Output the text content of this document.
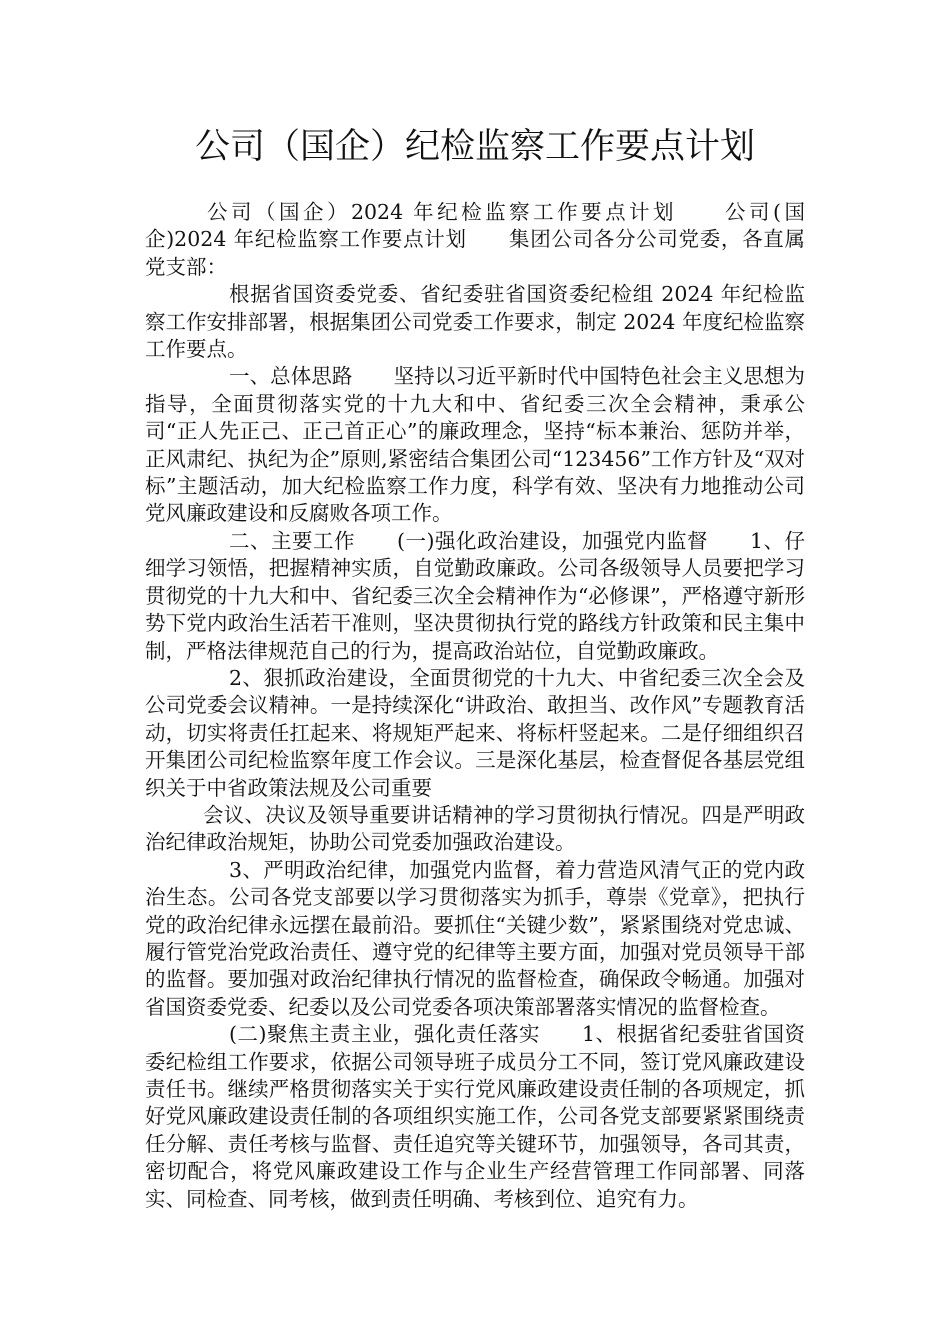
公司（国企）纪检监察工作要点计划

公司（国企）2024 年纪检监察工作要点计划　　公司(国企)2024 年纪检监察工作要点计划　　集团公司各分公司党委，各直属党支部：

根据省国资委党委、省纪委驻省国资委纪检组 2024 年纪检监察工作安排部署，根据集团公司党委工作要求，制定 2024 年度纪检监察工作要点。

一、总体思路　　坚持以习近平新时代中国特色社会主义思想为指导，全面贯彻落实党的十九大和中、省纪委三次全会精神，秉承公司“正人先正己、正己首正心”的廉政理念，坚持“标本兼治、惩防并举，正风肃纪、执纪为企”原则,紧密结合集团公司“123456”工作方针及“双对标”主题活动，加大纪检监察工作力度，科学有效、坚决有力地推动公司党风廉政建设和反腐败各项工作。

二、主要工作　　(一)强化政治建设，加强党内监督　　1、仔细学习领悟，把握精神实质，自觉勤政廉政。公司各级领导人员要把学习贯彻党的十九大和中、省纪委三次全会精神作为“必修课”，严格遵守新形势下党内政治生活若干准则，坚决贯彻执行党的路线方针政策和民主集中制，严格法律规范自己的行为，提高政治站位，自觉勤政廉政。

2、狠抓政治建设，全面贯彻党的十九大、中省纪委三次全会及公司党委会议精神。一是持续深化“讲政治、敢担当、改作风”专题教育活动，切实将责任扛起来、将规矩严起来、将标杆竖起来。二是仔细组织召开集团公司纪检监察年度工作会议。三是深化基层，检查督促各基层党组织关于中省政策法规及公司重要

会议、决议及领导重要讲话精神的学习贯彻执行情况。四是严明政治纪律政治规矩，协助公司党委加强政治建设。

3、严明政治纪律，加强党内监督，着力营造风清气正的党内政治生态。公司各党支部要以学习贯彻落实为抓手，尊崇《党章》，把执行党的政治纪律永远摆在最前沿。要抓住“关键少数”，紧紧围绕对党忠诚、履行管党治党政治责任、遵守党的纪律等主要方面，加强对党员领导干部的监督。要加强对政治纪律执行情况的监督检查，确保政令畅通。加强对省国资委党委、纪委以及公司党委各项决策部署落实情况的监督检查。

(二)聚焦主责主业，强化责任落实　　1、根据省纪委驻省国资委纪检组工作要求，依据公司领导班子成员分工不同，签订党风廉政建设责任书。继续严格贯彻落实关于实行党风廉政建设责任制的各项规定，抓好党风廉政建设责任制的各项组织实施工作，公司各党支部要紧紧围绕责任分解、责任考核与监督、责任追究等关键环节，加强领导，各司其责，密切配合，将党风廉政建设工作与企业生产经营管理工作同部署、同落实、同检查、同考核，做到责任明确、考核到位、追究有力。
